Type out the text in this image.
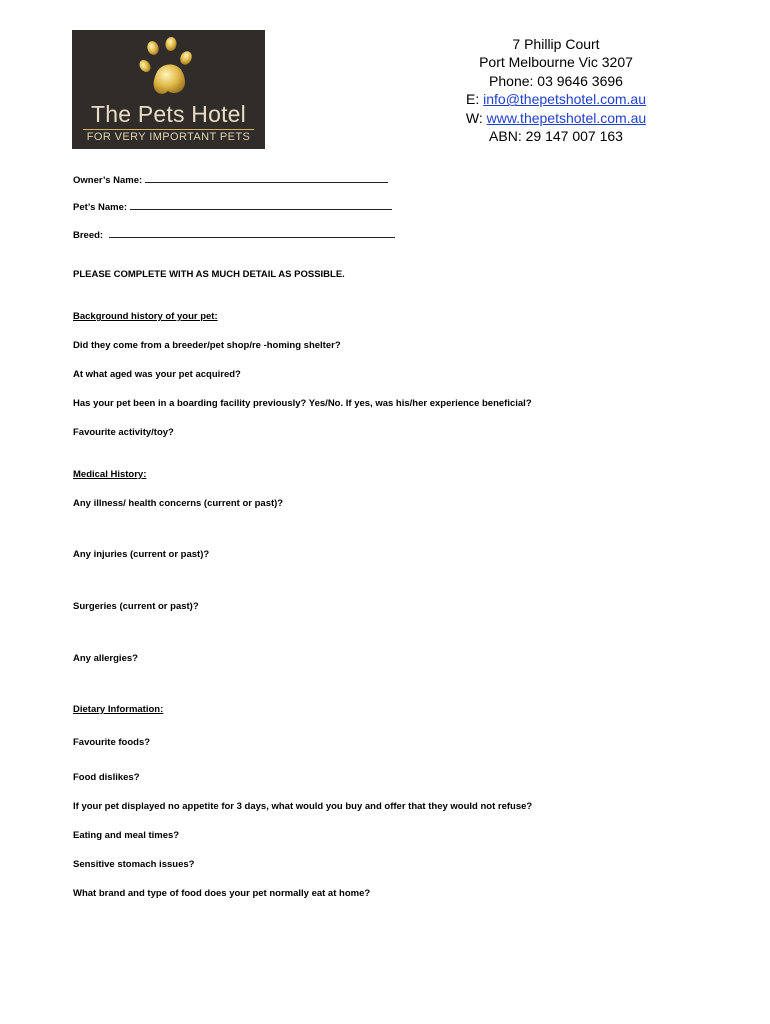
The Pets Hotel
FOR VERY IMPORTANT PETS
7 Phillip Court
Port Melbourne Vic 3207
Phone: 03 9646 3696
E: info@thepetshotel.com.au
W: www.thepetshotel.com.au
ABN: 29 147 007 163
Owner’s Name:
Pet’s Name:
Breed:
PLEASE COMPLETE WITH AS MUCH DETAIL AS POSSIBLE.
Background history of your pet:
Did they come from a breeder/pet shop/re -homing shelter?
At what aged was your pet acquired?
Has your pet been in a boarding facility previously? Yes/No. If yes, was his/her experience beneficial?
Favourite activity/toy?
Medical History:
Any illness/ health concerns (current or past)?
Any injuries (current or past)?
Surgeries (current or past)?
Any allergies?
Dietary Information:
Favourite foods?
Food dislikes?
If your pet displayed no appetite for 3 days, what would you buy and offer that they would not refuse?
Eating and meal times?
Sensitive stomach issues?
What brand and type of food does your pet normally eat at home?
